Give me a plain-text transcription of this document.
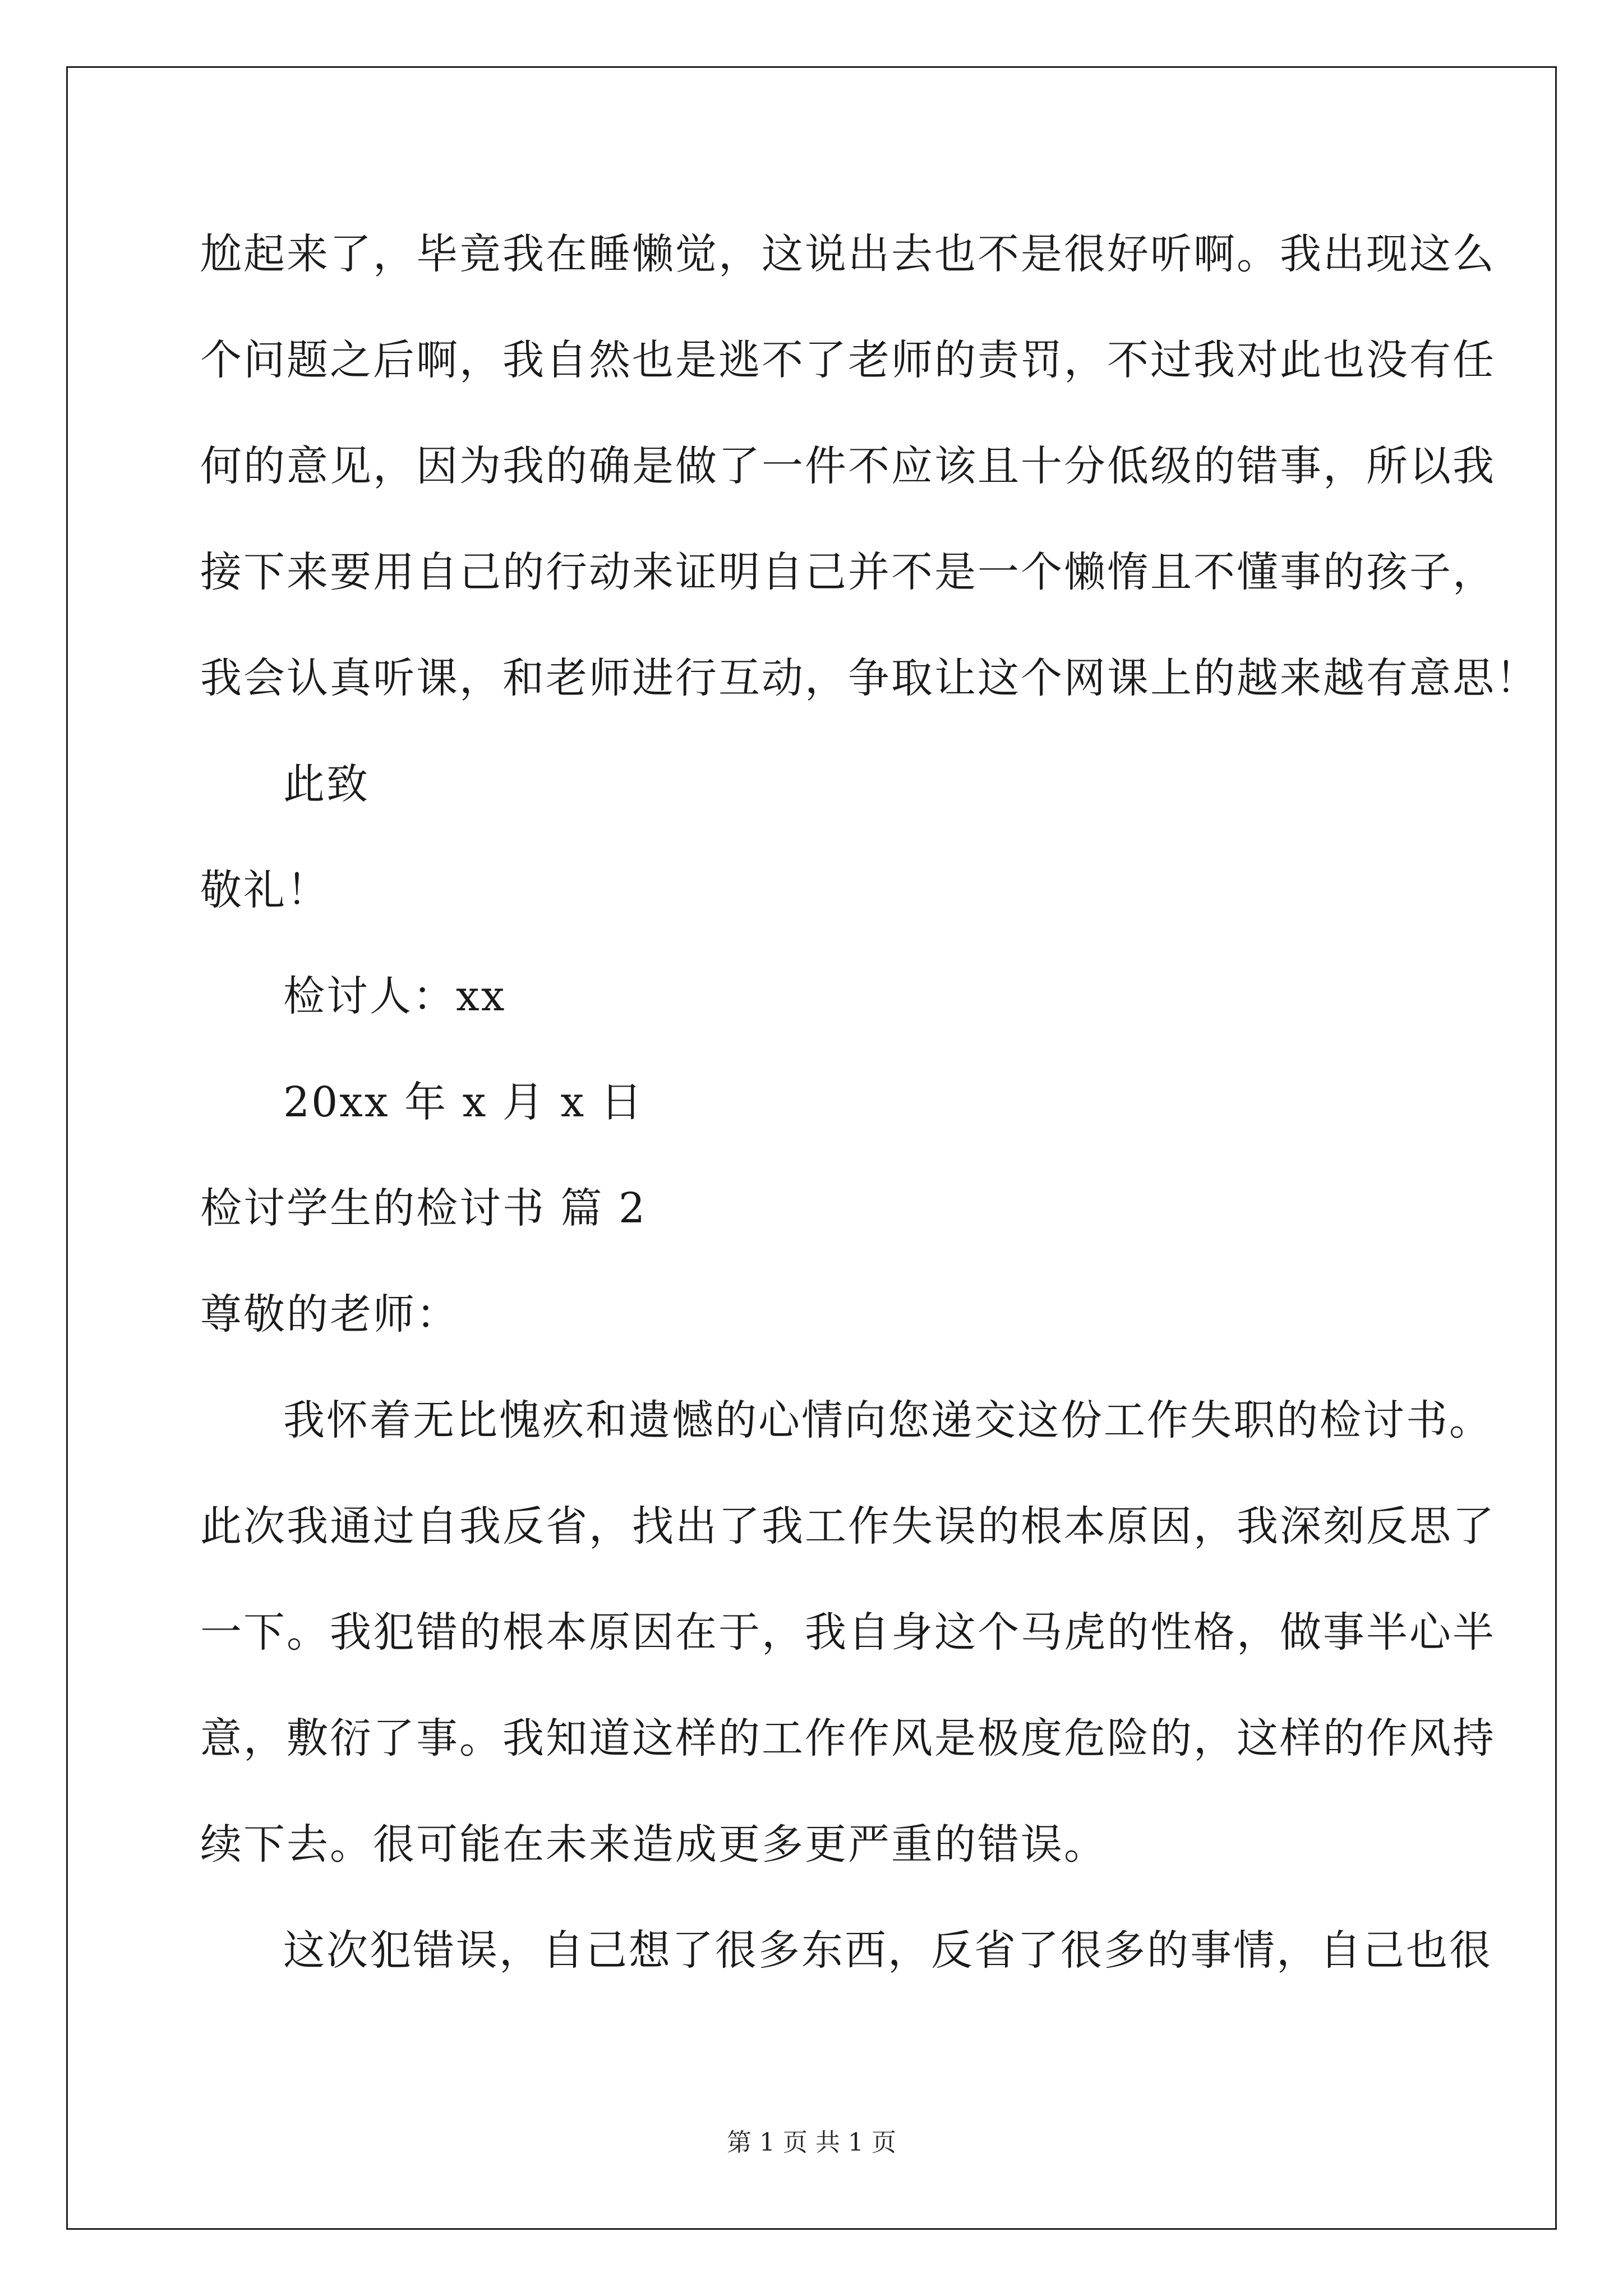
尬起来了，毕竟我在睡懒觉，这说出去也不是很好听啊。我出现这么
个问题之后啊，我自然也是逃不了老师的责罚，不过我对此也没有任
何的意见，因为我的确是做了一件不应该且十分低级的错事，所以我
接下来要用自己的行动来证明自己并不是一个懒惰且不懂事的孩子，
我会认真听课，和老师进行互动，争取让这个网课上的越来越有意思！
此致
敬礼！
检讨人：xx
20xx 年 x 月 x 日
检讨学生的检讨书 篇 2
尊敬的老师：
我怀着无比愧疚和遗憾的心情向您递交这份工作失职的检讨书。
此次我通过自我反省，找出了我工作失误的根本原因，我深刻反思了
一下。我犯错的根本原因在于，我自身这个马虎的性格，做事半心半
意，敷衍了事。我知道这样的工作作风是极度危险的，这样的作风持
续下去。很可能在未来造成更多更严重的错误。
这次犯错误，自己想了很多东西，反省了很多的事情，自己也很
第 1 页 共 1 页
